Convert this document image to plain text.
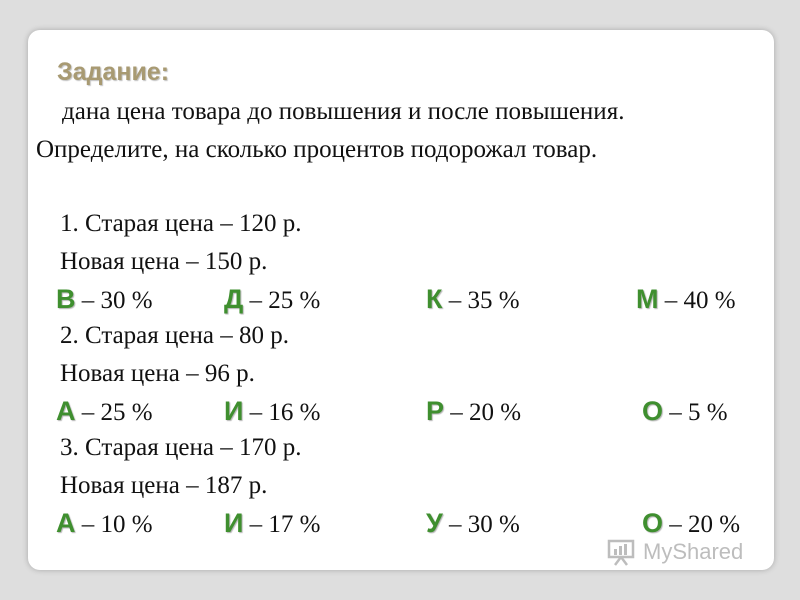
Задание:
дана цена товара до повышения и после повышения.
Определите, на сколько процентов подорожал товар.
1. Старая цена – 120 р.
Новая цена – 150 р.
В – 30 %	Д – 25 %	К – 35 %	М – 40 %
2. Старая цена – 80 р.
Новая цена – 96 р.
А – 25 %	И – 16 %	Р – 20 %	О – 5 %
3. Старая цена – 170 р.
Новая цена – 187 р.
А – 10 %	И – 17 %	У – 30 %	О – 20 %
MyShared
